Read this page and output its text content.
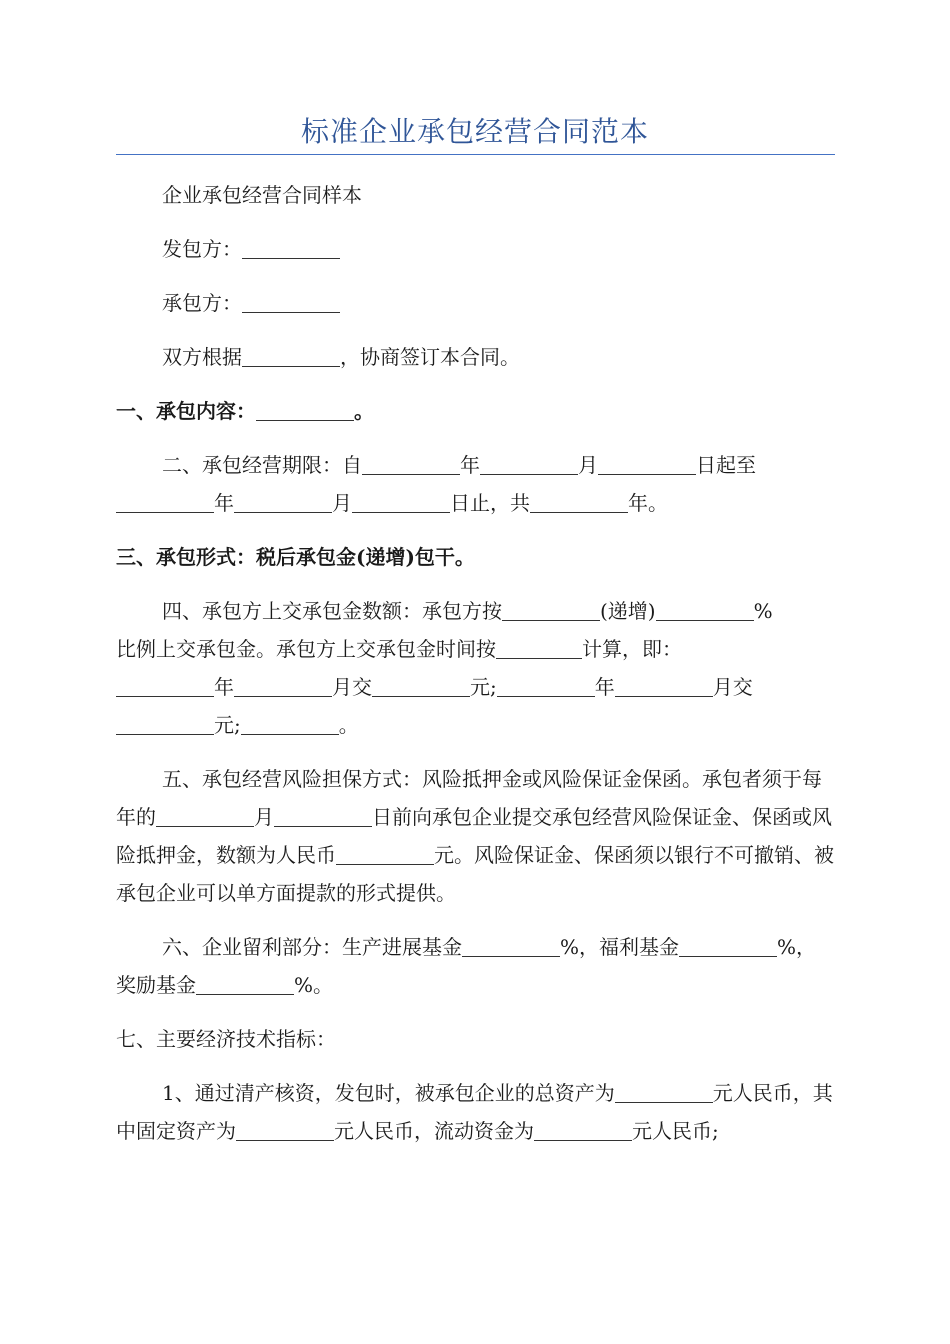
标准企业承包经营合同范本

企业承包经营合同样本

发包方：

承包方：

双方根据	，协商签订本合同。

一、承包内容：	。

二、承包经营期限：自	年	月	日起至
年	月	日止，共	年。

三、承包形式：税后承包金(递增)包干。

四、承包方上交承包金数额：承包方按	(递增)	%
比例上交承包金。承包方上交承包金时间按	计算，即：
年	月交	元;	年	月交
元;	。

五、承包经营风险担保方式：风险抵押金或风险保证金保函。承包者须于每年的	月	日前向承包企业提交承包经营风险保证金、保函或风险抵押金，数额为人民币	元。风险保证金、保函须以银行不可撤销、被承包企业可以单方面提款的形式提供。

六、企业留利部分：生产进展基金	%，福利基金	%，奖励基金	%。

七、主要经济技术指标：

1、通过清产核资，发包时，被承包企业的总资产为	元人民币，其中固定资产为	元人民币，流动资金为	元人民币;
